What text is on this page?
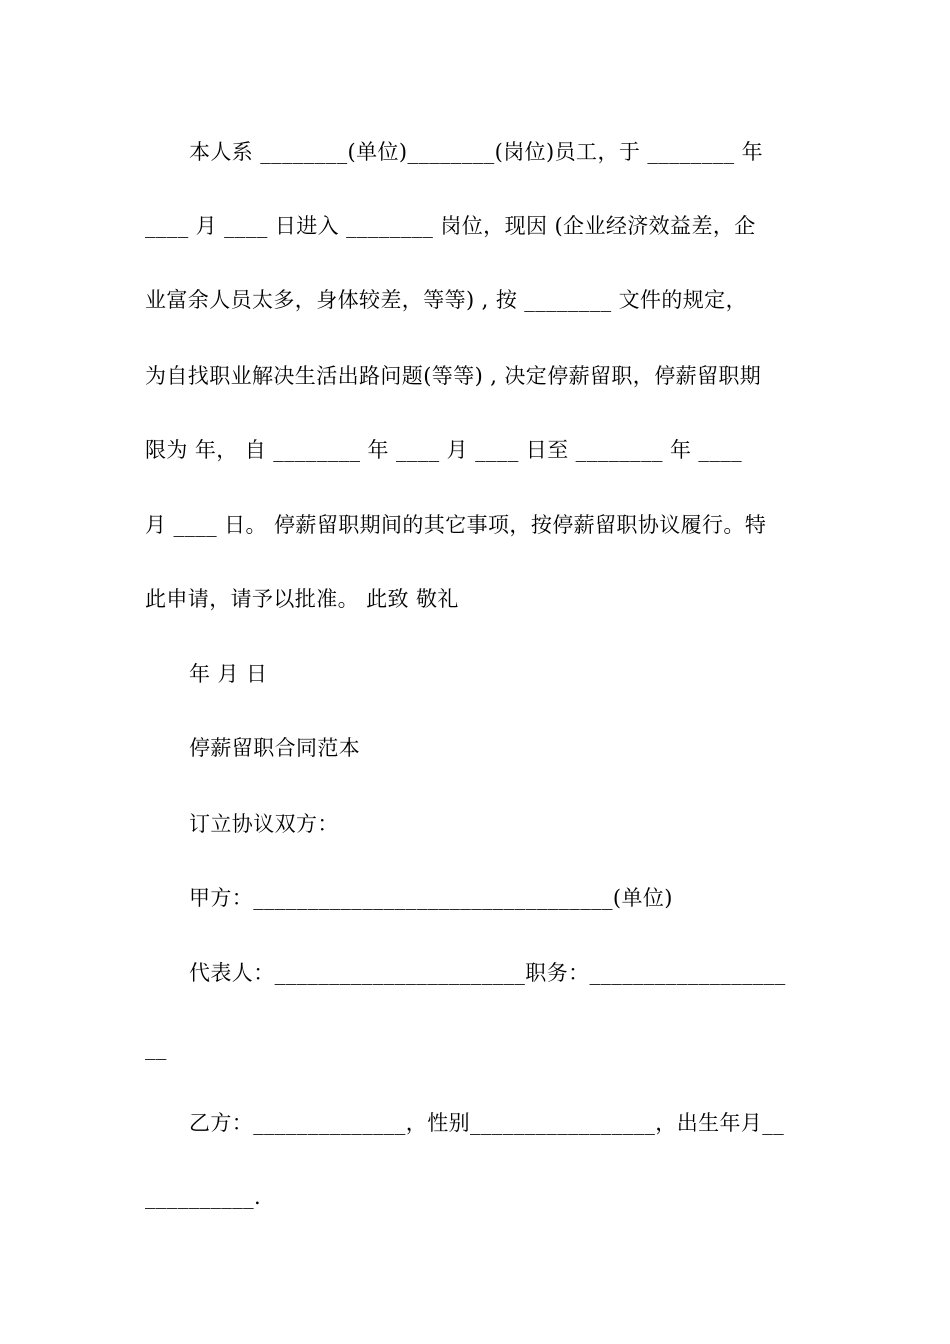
本人系 ________(单位)________(岗位)员工，于 ________ 年
____ 月 ____ 日进入 ________ 岗位，现因 (企业经济效益差，企
业富余人员太多，身体较差，等等) , 按 ________ 文件的规定，
为自找职业解决生活出路问题(等等) , 决定停薪留职，停薪留职期
限为 年， 自 ________ 年 ____ 月 ____ 日至 ________ 年 ____
月 ____ 日。 停薪留职期间的其它事项，按停薪留职协议履行。特
此申请，请予以批准。 此致 敬礼
年 月 日
停薪留职合同范本
订立协议双方：
甲方：_________________________________(单位)
代表人：_______________________职务：__________________
__
乙方：______________，性别_________________，出生年月__
__________.
